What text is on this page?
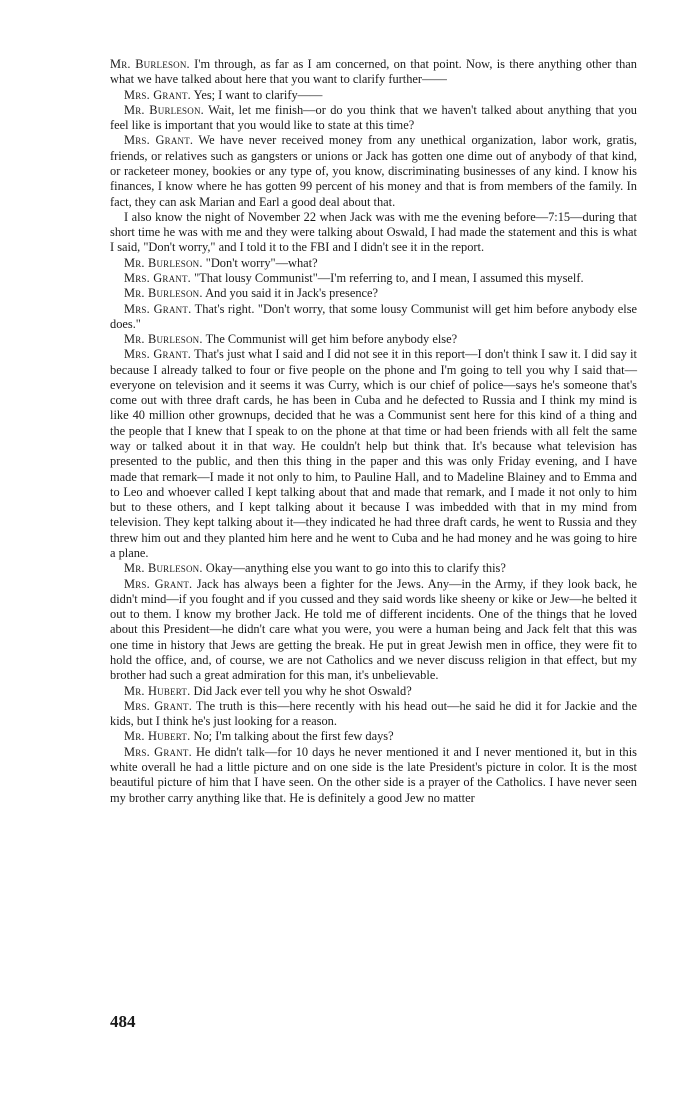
Mr. Burleson. I'm through, as far as I am concerned, on that point. Now, is there anything other than what we have talked about here that you want to clarify further——

Mrs. Grant. Yes; I want to clarify——

Mr. Burleson. Wait, let me finish—or do you think that we haven't talked about anything that you feel like is important that you would like to state at this time?

Mrs. Grant. We have never received money from any unethical organization, labor work, gratis, friends, or relatives such as gangsters or unions or Jack has gotten one dime out of anybody of that kind, or racketeer money, bookies or any type of, you know, discriminating businesses of any kind. I know his finances, I know where he has gotten 99 percent of his money and that is from members of the family. In fact, they can ask Marian and Earl a good deal about that.

I also know the night of November 22 when Jack was with me the evening before—7:15—during that short time he was with me and they were talking about Oswald, I had made the statement and this is what I said, "Don't worry," and I told it to the FBI and I didn't see it in the report.

Mr. Burleson. "Don't worry"—what?

Mrs. Grant. "That lousy Communist"—I'm referring to, and I mean, I assumed this myself.

Mr. Burleson. And you said it in Jack's presence?

Mrs. Grant. That's right. "Don't worry, that some lousy Communist will get him before anybody else does."

Mr. Burleson. The Communist will get him before anybody else?

Mrs. Grant. That's just what I said and I did not see it in this report—I don't think I saw it. I did say it because I already talked to four or five people on the phone and I'm going to tell you why I said that—everyone on television and it seems it was Curry, which is our chief of police—says he's someone that's come out with three draft cards, he has been in Cuba and he defected to Russia and I think my mind is like 40 million other grownups, decided that he was a Communist sent here for this kind of a thing and the people that I knew that I speak to on the phone at that time or had been friends with all felt the same way or talked about it in that way. He couldn't help but think that. It's because what television has presented to the public, and then this thing in the paper and this was only Friday evening, and I have made that remark—I made it not only to him, to Pauline Hall, and to Madeline Blainey and to Emma and to Leo and whoever called I kept talking about that and made that remark, and I made it not only to him but to these others, and I kept talking about it because I was imbedded with that in my mind from television. They kept talking about it—they indicated he had three draft cards, he went to Russia and they threw him out and they planted him here and he went to Cuba and he had money and he was going to hire a plane.

Mr. Burleson. Okay—anything else you want to go into this to clarify this?

Mrs. Grant. Jack has always been a fighter for the Jews. Any—in the Army, if they look back, he didn't mind—if you fought and if you cussed and they said words like sheeny or kike or Jew—he belted it out to them. I know my brother Jack. He told me of different incidents. One of the things that he loved about this President—he didn't care what you were, you were a human being and Jack felt that this was one time in history that Jews are getting the break. He put in great Jewish men in office, they were fit to hold the office, and, of course, we are not Catholics and we never discuss religion in that effect, but my brother had such a great admiration for this man, it's unbelievable.

Mr. Hubert. Did Jack ever tell you why he shot Oswald?

Mrs. Grant. The truth is this—here recently with his head out—he said he did it for Jackie and the kids, but I think he's just looking for a reason.

Mr. Hubert. No; I'm talking about the first few days?

Mrs. Grant. He didn't talk—for 10 days he never mentioned it and I never mentioned it, but in this white overall he had a little picture and on one side is the late President's picture in color. It is the most beautiful picture of him that I have seen. On the other side is a prayer of the Catholics. I have never seen my brother carry anything like that. He is definitely a good Jew no matter

484
